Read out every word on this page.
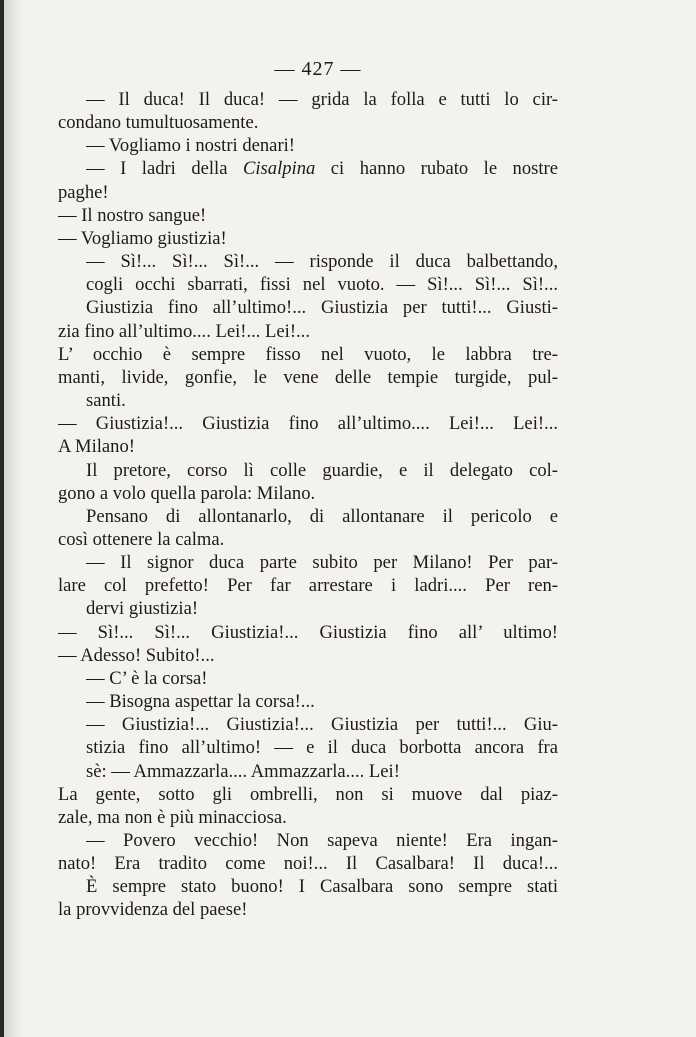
— 427 —
— Il duca! Il duca! — grida la folla e tutti lo cir-
condano tumultuosamente.
— Vogliamo i nostri denari!
— I ladri della Cisalpina ci hanno rubato le nostre
paghe!
— Il nostro sangue!
— Vogliamo giustizia!
— Sì!... Sì!... Sì!... — risponde il duca balbettando,
cogli occhi sbarrati, fissi nel vuoto. — Sì!... Sì!... Sì!...
Giustizia fino all’ultimo!... Giustizia per tutti!... Giusti-
zia fino all’ultimo.... Lei!... Lei!...
L’ occhio è sempre fisso nel vuoto, le labbra tre-
manti, livide, gonfie, le vene delle tempie turgide, pul-
santi.
— Giustizia!... Giustizia fino all’ultimo.... Lei!... Lei!...
A Milano!
Il pretore, corso lì colle guardie, e il delegato col-
gono a volo quella parola: Milano.
Pensano di allontanarlo, di allontanare il pericolo e
così ottenere la calma.
— Il signor duca parte subito per Milano! Per par-
lare col prefetto! Per far arrestare i ladri.... Per ren-
dervi giustizia!
— Sì!... Sì!... Giustizia!... Giustizia fino all’ ultimo!
— Adesso! Subito!...
— C’ è la corsa!
— Bisogna aspettar la corsa!...
— Giustizia!... Giustizia!... Giustizia per tutti!... Giu-
stizia fino all’ultimo! — e il duca borbotta ancora fra
sè: — Ammazzarla.... Ammazzarla.... Lei!
La gente, sotto gli ombrelli, non si muove dal piaz-
zale, ma non è più minacciosa.
— Povero vecchio! Non sapeva niente! Era ingan-
nato! Era tradito come noi!... Il Casalbara! Il duca!...
È sempre stato buono! I Casalbara sono sempre stati
la provvidenza del paese!
